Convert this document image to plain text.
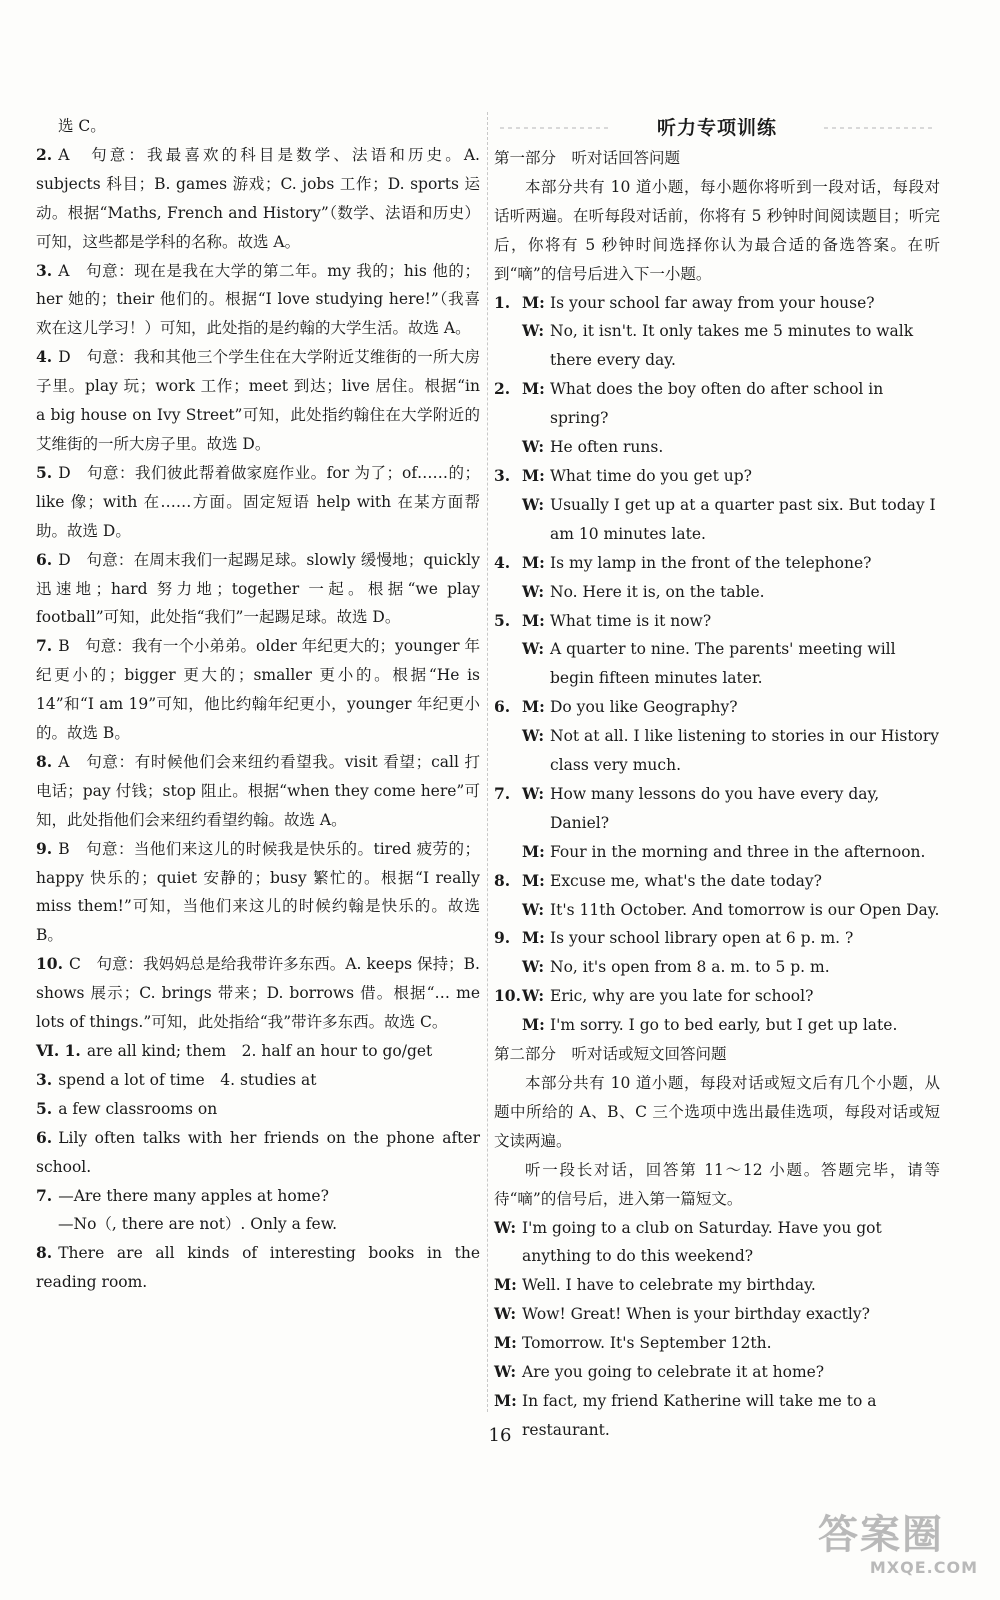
选 C。
2. A　句意：我最喜欢的科目是数学、法语和历史。A. subjects 科目；B. games 游戏；C. jobs 工作；D. sports 运动。根据“Maths, French and History”（数学、法语和历史）可知，这些都是学科的名称。故选 A。
3. A　句意：现在是我在大学的第二年。my 我的；his 他的；her 她的；their 他们的。根据“I love studying here!”（我喜欢在这儿学习！）可知，此处指的是约翰的大学生活。故选 A。
4. D　句意：我和其他三个学生住在大学附近艾维街的一所大房子里。play 玩；work 工作；meet 到达；live 居住。根据“in a big house on Ivy Street”可知，此处指约翰住在大学附近的艾维街的一所大房子里。故选 D。
5. D　句意：我们彼此帮着做家庭作业。for 为了；of……的；like 像；with 在……方面。固定短语 help with 在某方面帮助。故选 D。
6. D　句意：在周末我们一起踢足球。slowly 缓慢地；quickly 迅速地；hard 努力地；together 一起。根据“we play football”可知，此处指“我们”一起踢足球。故选 D。
7. B　句意：我有一个小弟弟。older 年纪更大的；younger 年纪更小的；bigger 更大的；smaller 更小的。根据“He is 14”和“I am 19”可知，他比约翰年纪更小，younger 年纪更小的。故选 B。
8. A　句意：有时候他们会来纽约看望我。visit 看望；call 打电话；pay 付钱；stop 阻止。根据“when they come here”可知，此处指他们会来纽约看望约翰。故选 A。
9. B　句意：当他们来这儿的时候我是快乐的。tired 疲劳的；happy 快乐的；quiet 安静的；busy 繁忙的。根据“I really miss them!”可知，当他们来这儿的时候约翰是快乐的。故选 B。
10. C　句意：我妈妈总是给我带许多东西。A. keeps 保持；B. shows 展示；C. brings 带来；D. borrows 借。根据“… me lots of things.”可知，此处指给“我”带许多东西。故选 C。
Ⅵ. 1. are all kind; them　2. half an hour to go/get
3. spend a lot of time　4. studies at
5. a few classrooms on
6. Lily often talks with her friends on the phone after school.
7. —Are there many apples at home?
—No（, there are not）. Only a few.
8. There are all kinds of interesting books in the reading room.
听力专项训练
第一部分　听对话回答问题
本部分共有 10 道小题，每小题你将听到一段对话，每段对话听两遍。在听每段对话前，你将有 5 秒钟时间阅读题目；听完后，你将有 5 秒钟时间选择你认为最合适的备选答案。在听到“嘀”的信号后进入下一小题。
1. M: Is your school far away from your house?
W: No, it isn't. It only takes me 5 minutes to walk there every day.
2. M: What does the boy often do after school in spring?
W: He often runs.
3. M: What time do you get up?
W: Usually I get up at a quarter past six. But today I am 10 minutes late.
4. M: Is my lamp in the front of the telephone?
W: No. Here it is, on the table.
5. M: What time is it now?
W: A quarter to nine. The parents' meeting will begin fifteen minutes later.
6. M: Do you like Geography?
W: Not at all. I like listening to stories in our History class very much.
7. W: How many lessons do you have every day, Daniel?
M: Four in the morning and three in the afternoon.
8. M: Excuse me, what's the date today?
W: It's 11th October. And tomorrow is our Open Day.
9. M: Is your school library open at 6 p. m. ?
W: No, it's open from 8 a. m. to 5 p. m.
10. W: Eric, why are you late for school?
M: I'm sorry. I go to bed early, but I get up late.
第二部分　听对话或短文回答问题
本部分共有 10 道小题，每段对话或短文后有几个小题，从题中所给的 A、B、C 三个选项中选出最佳选项，每段对话或短文读两遍。
听一段长对话，回答第 11～12 小题。答题完毕，请等待“嘀”的信号后，进入第一篇短文。
W: I'm going to a club on Saturday. Have you got anything to do this weekend?
M: Well. I have to celebrate my birthday.
W: Wow! Great! When is your birthday exactly?
M: Tomorrow. It's September 12th.
W: Are you going to celebrate it at home?
M: In fact, my friend Katherine will take me to a restaurant.
16
答案圈
MXQE.COM
